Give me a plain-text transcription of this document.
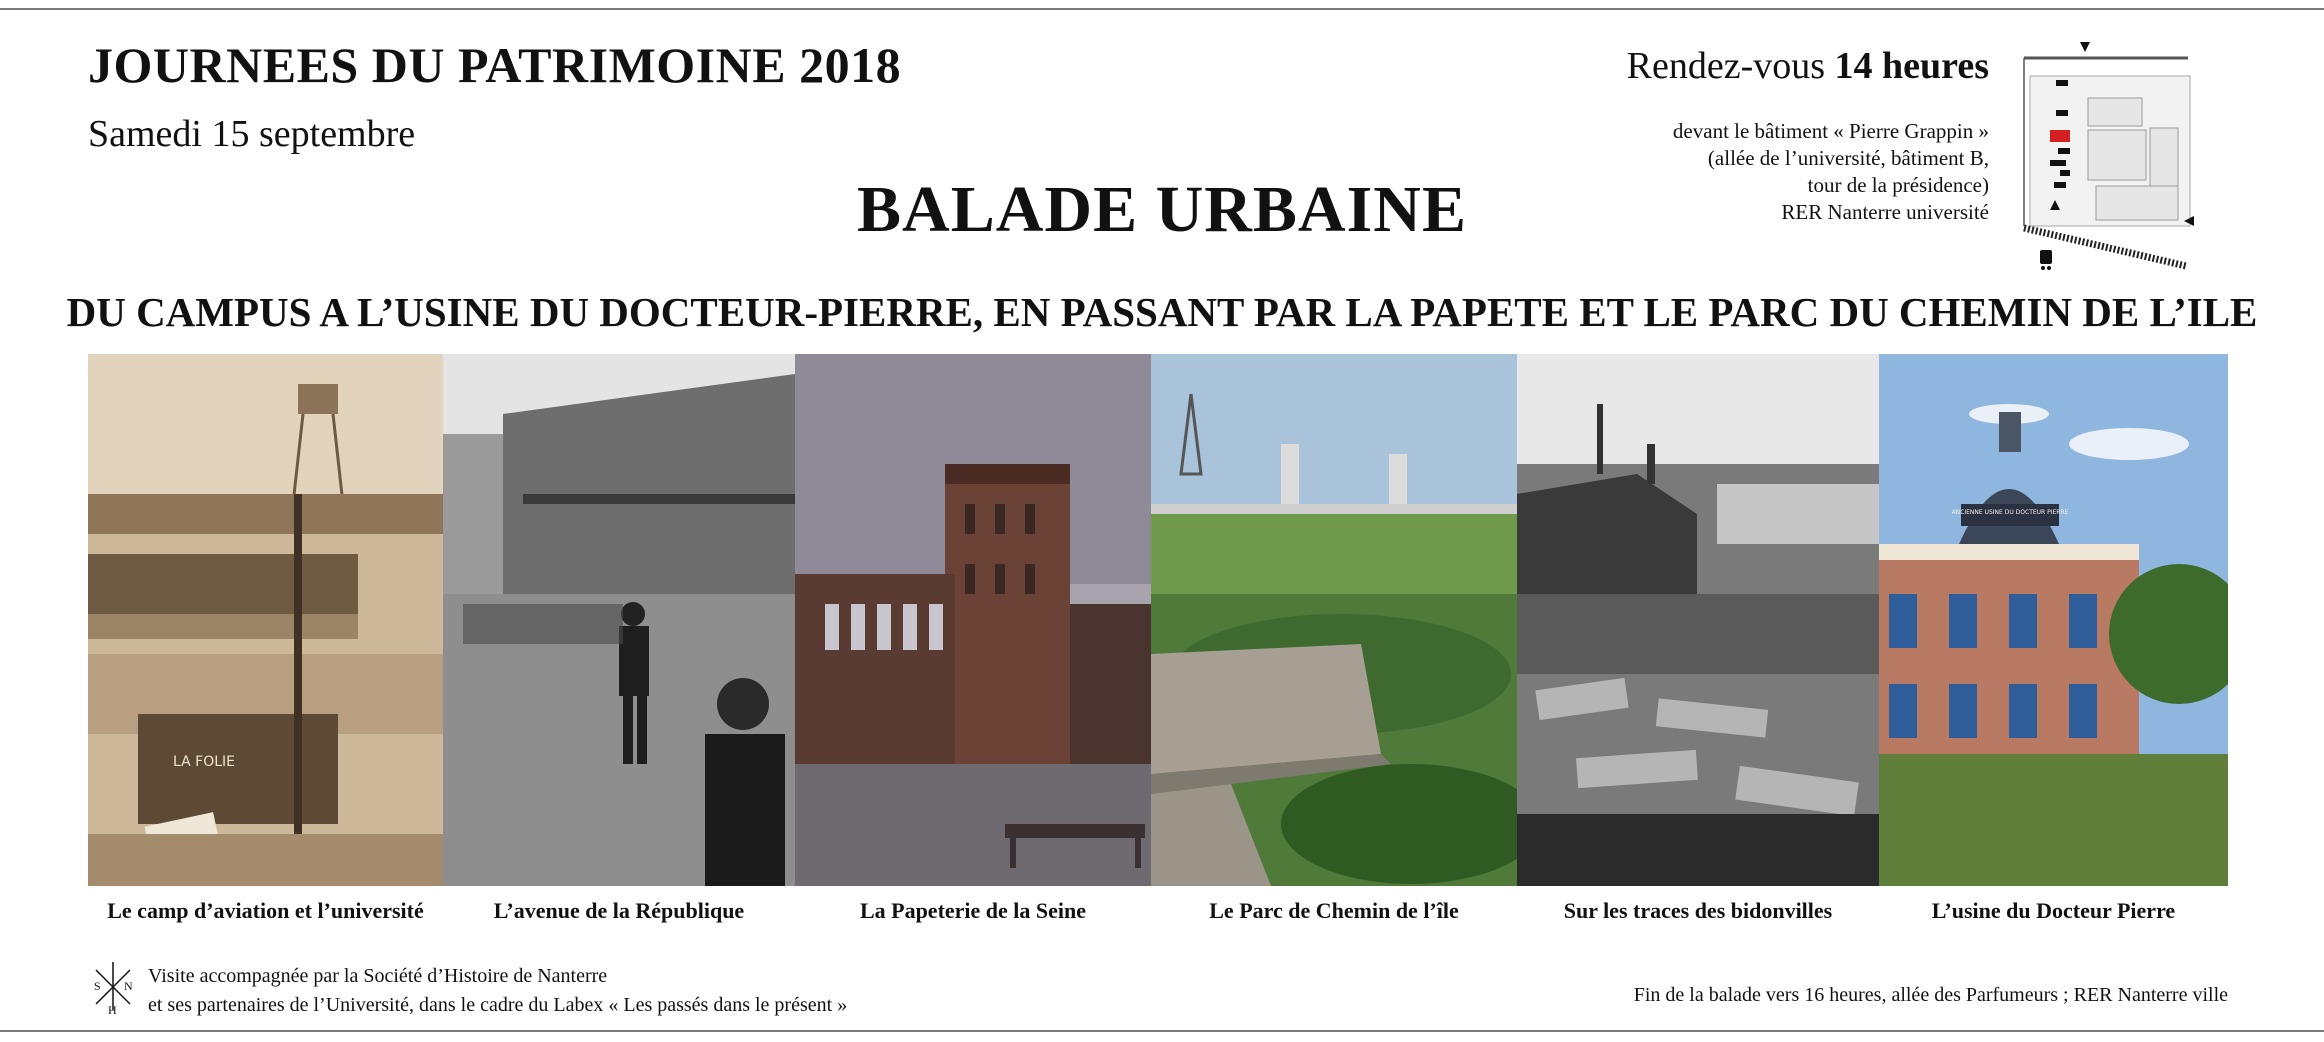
JOURNEES DU PATRIMOINE 2018
Samedi 15 septembre
Rendez-vous 14 heures
devant le bâtiment « Pierre Grappin »
(allée de l’université, bâtiment B,
tour de la présidence)
RER Nanterre université
BALADE URBAINE
DU CAMPUS A L’USINE DU DOCTEUR-PIERRE, EN PASSANT PAR LA PAPETE ET LE PARC DU CHEMIN DE L’ILE
LA FOLIE
ANCIENNE USINE DU DOCTEUR PIERRE
Le camp d’aviation et l’université	L’avenue de la République	La Papeterie de la Seine	Le Parc de Chemin de l’île	Sur les traces des bidonvilles	L’usine du Docteur Pierre
S N
H
Visite accompagnée par la Société d’Histoire de Nanterre
et ses partenaires de l’Université, dans le cadre du Labex « Les passés dans le présent »	Fin de la balade vers 16 heures, allée des Parfumeurs ; RER Nanterre ville
